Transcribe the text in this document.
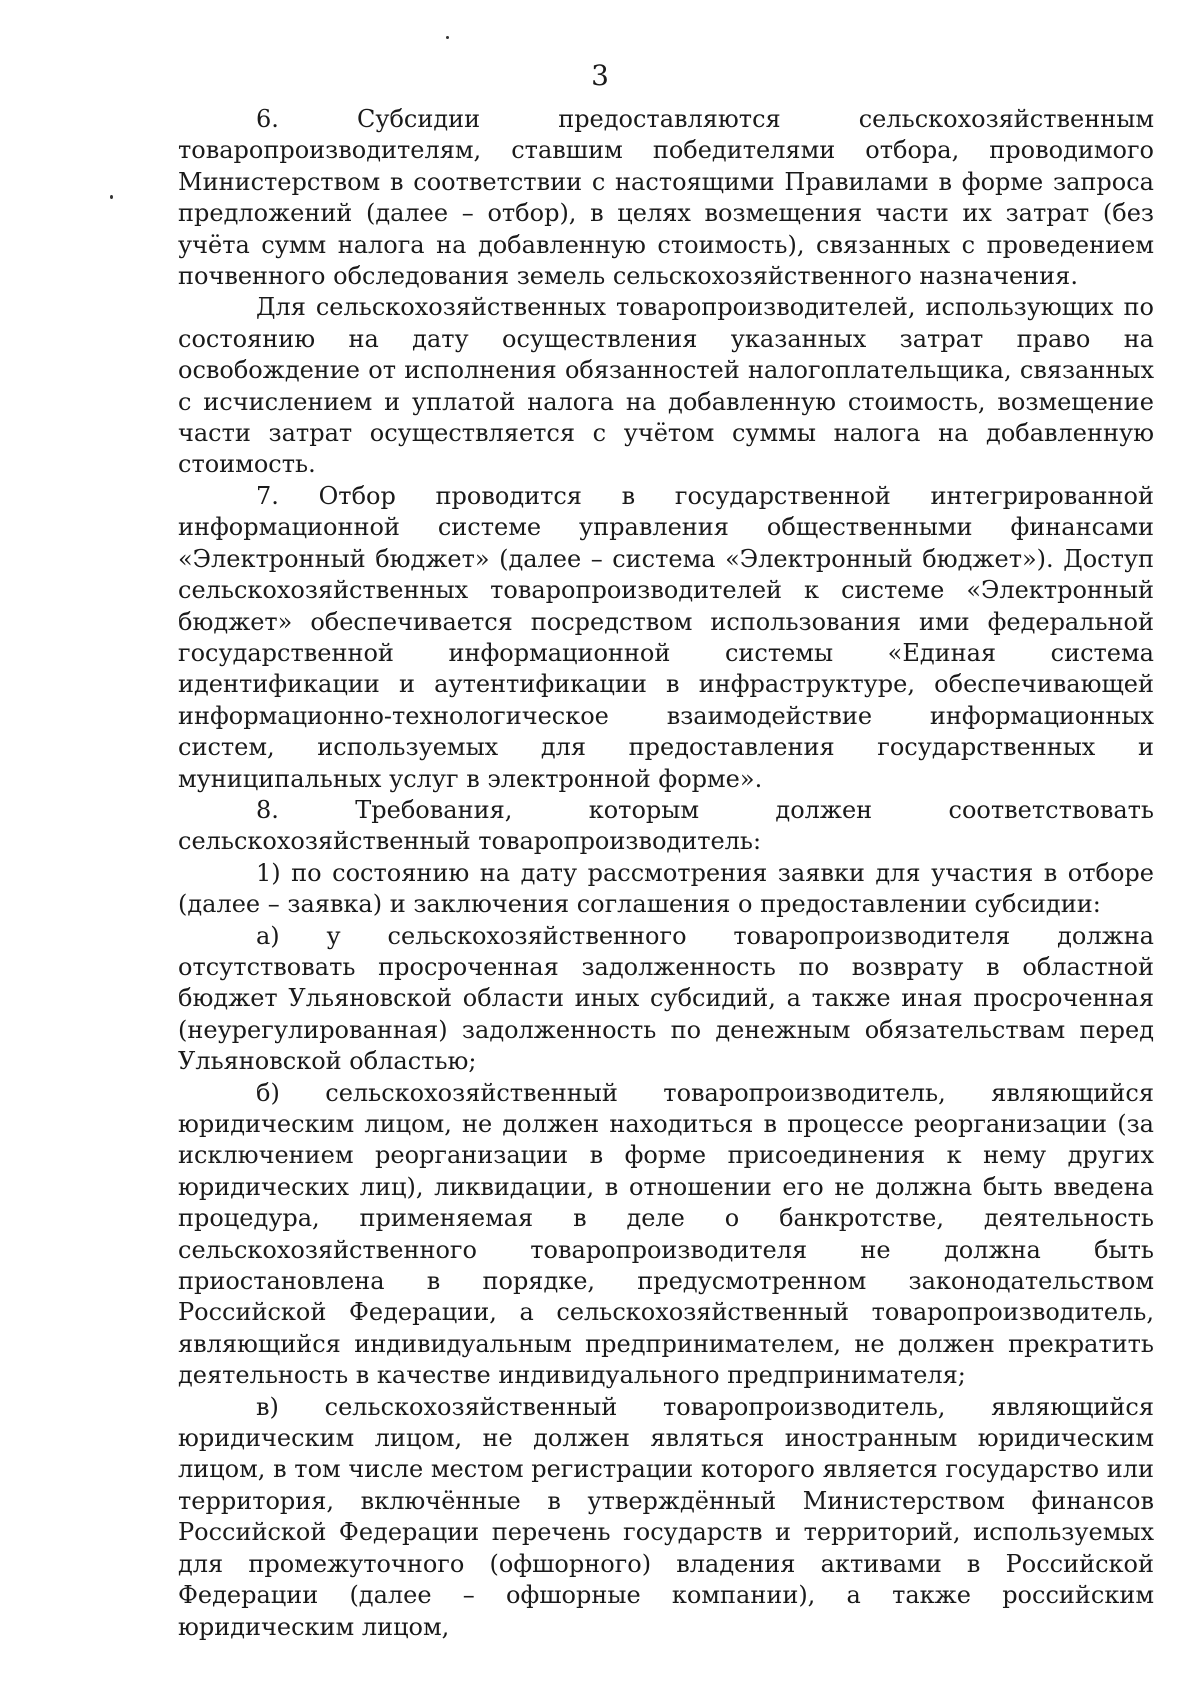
3

6. Субсидии предоставляются сельскохозяйственным товаропроизводителям, ставшим победителями отбора, проводимого Министерством в соответствии с настоящими Правилами в форме запроса предложений (далее – отбор), в целях возмещения части их затрат (без учёта сумм налога на добавленную стоимость), связанных с проведением почвенного обследования земель сельскохозяйственного назначения.

Для сельскохозяйственных товаропроизводителей, использующих по состоянию на дату осуществления указанных затрат право на освобождение от исполнения обязанностей налогоплательщика, связанных с исчислением и уплатой налога на добавленную стоимость, возмещение части затрат осуществляется с учётом суммы налога на добавленную стоимость.

7. Отбор проводится в государственной интегрированной информационной системе управления общественными финансами «Электронный бюджет» (далее – система «Электронный бюджет»). Доступ сельскохозяйственных товаропроизводителей к системе «Электронный бюджет» обеспечивается посредством использования ими федеральной государственной информационной системы «Единая система идентификации и аутентификации в инфраструктуре, обеспечивающей информационно-технологическое взаимодействие информационных систем, используемых для предоставления государственных и муниципальных услуг в электронной форме».

8. Требования, которым должен соответствовать сельскохозяйственный товаропроизводитель:

1) по состоянию на дату рассмотрения заявки для участия в отборе (далее – заявка) и заключения соглашения о предоставлении субсидии:

а) у сельскохозяйственного товаропроизводителя должна отсутствовать просроченная задолженность по возврату в областной бюджет Ульяновской области иных субсидий, а также иная просроченная (неурегулированная) задолженность по денежным обязательствам перед Ульяновской областью;

б) сельскохозяйственный товаропроизводитель, являющийся юридическим лицом, не должен находиться в процессе реорганизации (за исключением реорганизации в форме присоединения к нему других юридических лиц), ликвидации, в отношении его не должна быть введена процедура, применяемая в деле о банкротстве, деятельность сельскохозяйственного товаропроизводителя не должна быть приостановлена в порядке, предусмотренном законодательством Российской Федерации, а сельскохозяйственный товаропроизводитель, являющийся индивидуальным предпринимателем, не должен прекратить деятельность в качестве индивидуального предпринимателя;

в) сельскохозяйственный товаропроизводитель, являющийся юридическим лицом, не должен являться иностранным юридическим лицом, в том числе местом регистрации которого является государство или территория, включённые в утверждённый Министерством финансов Российской Федерации перечень государств и территорий, используемых для промежуточного (офшорного) владения активами в Российской Федерации (далее – офшорные компании), а также российским юридическим лицом,
